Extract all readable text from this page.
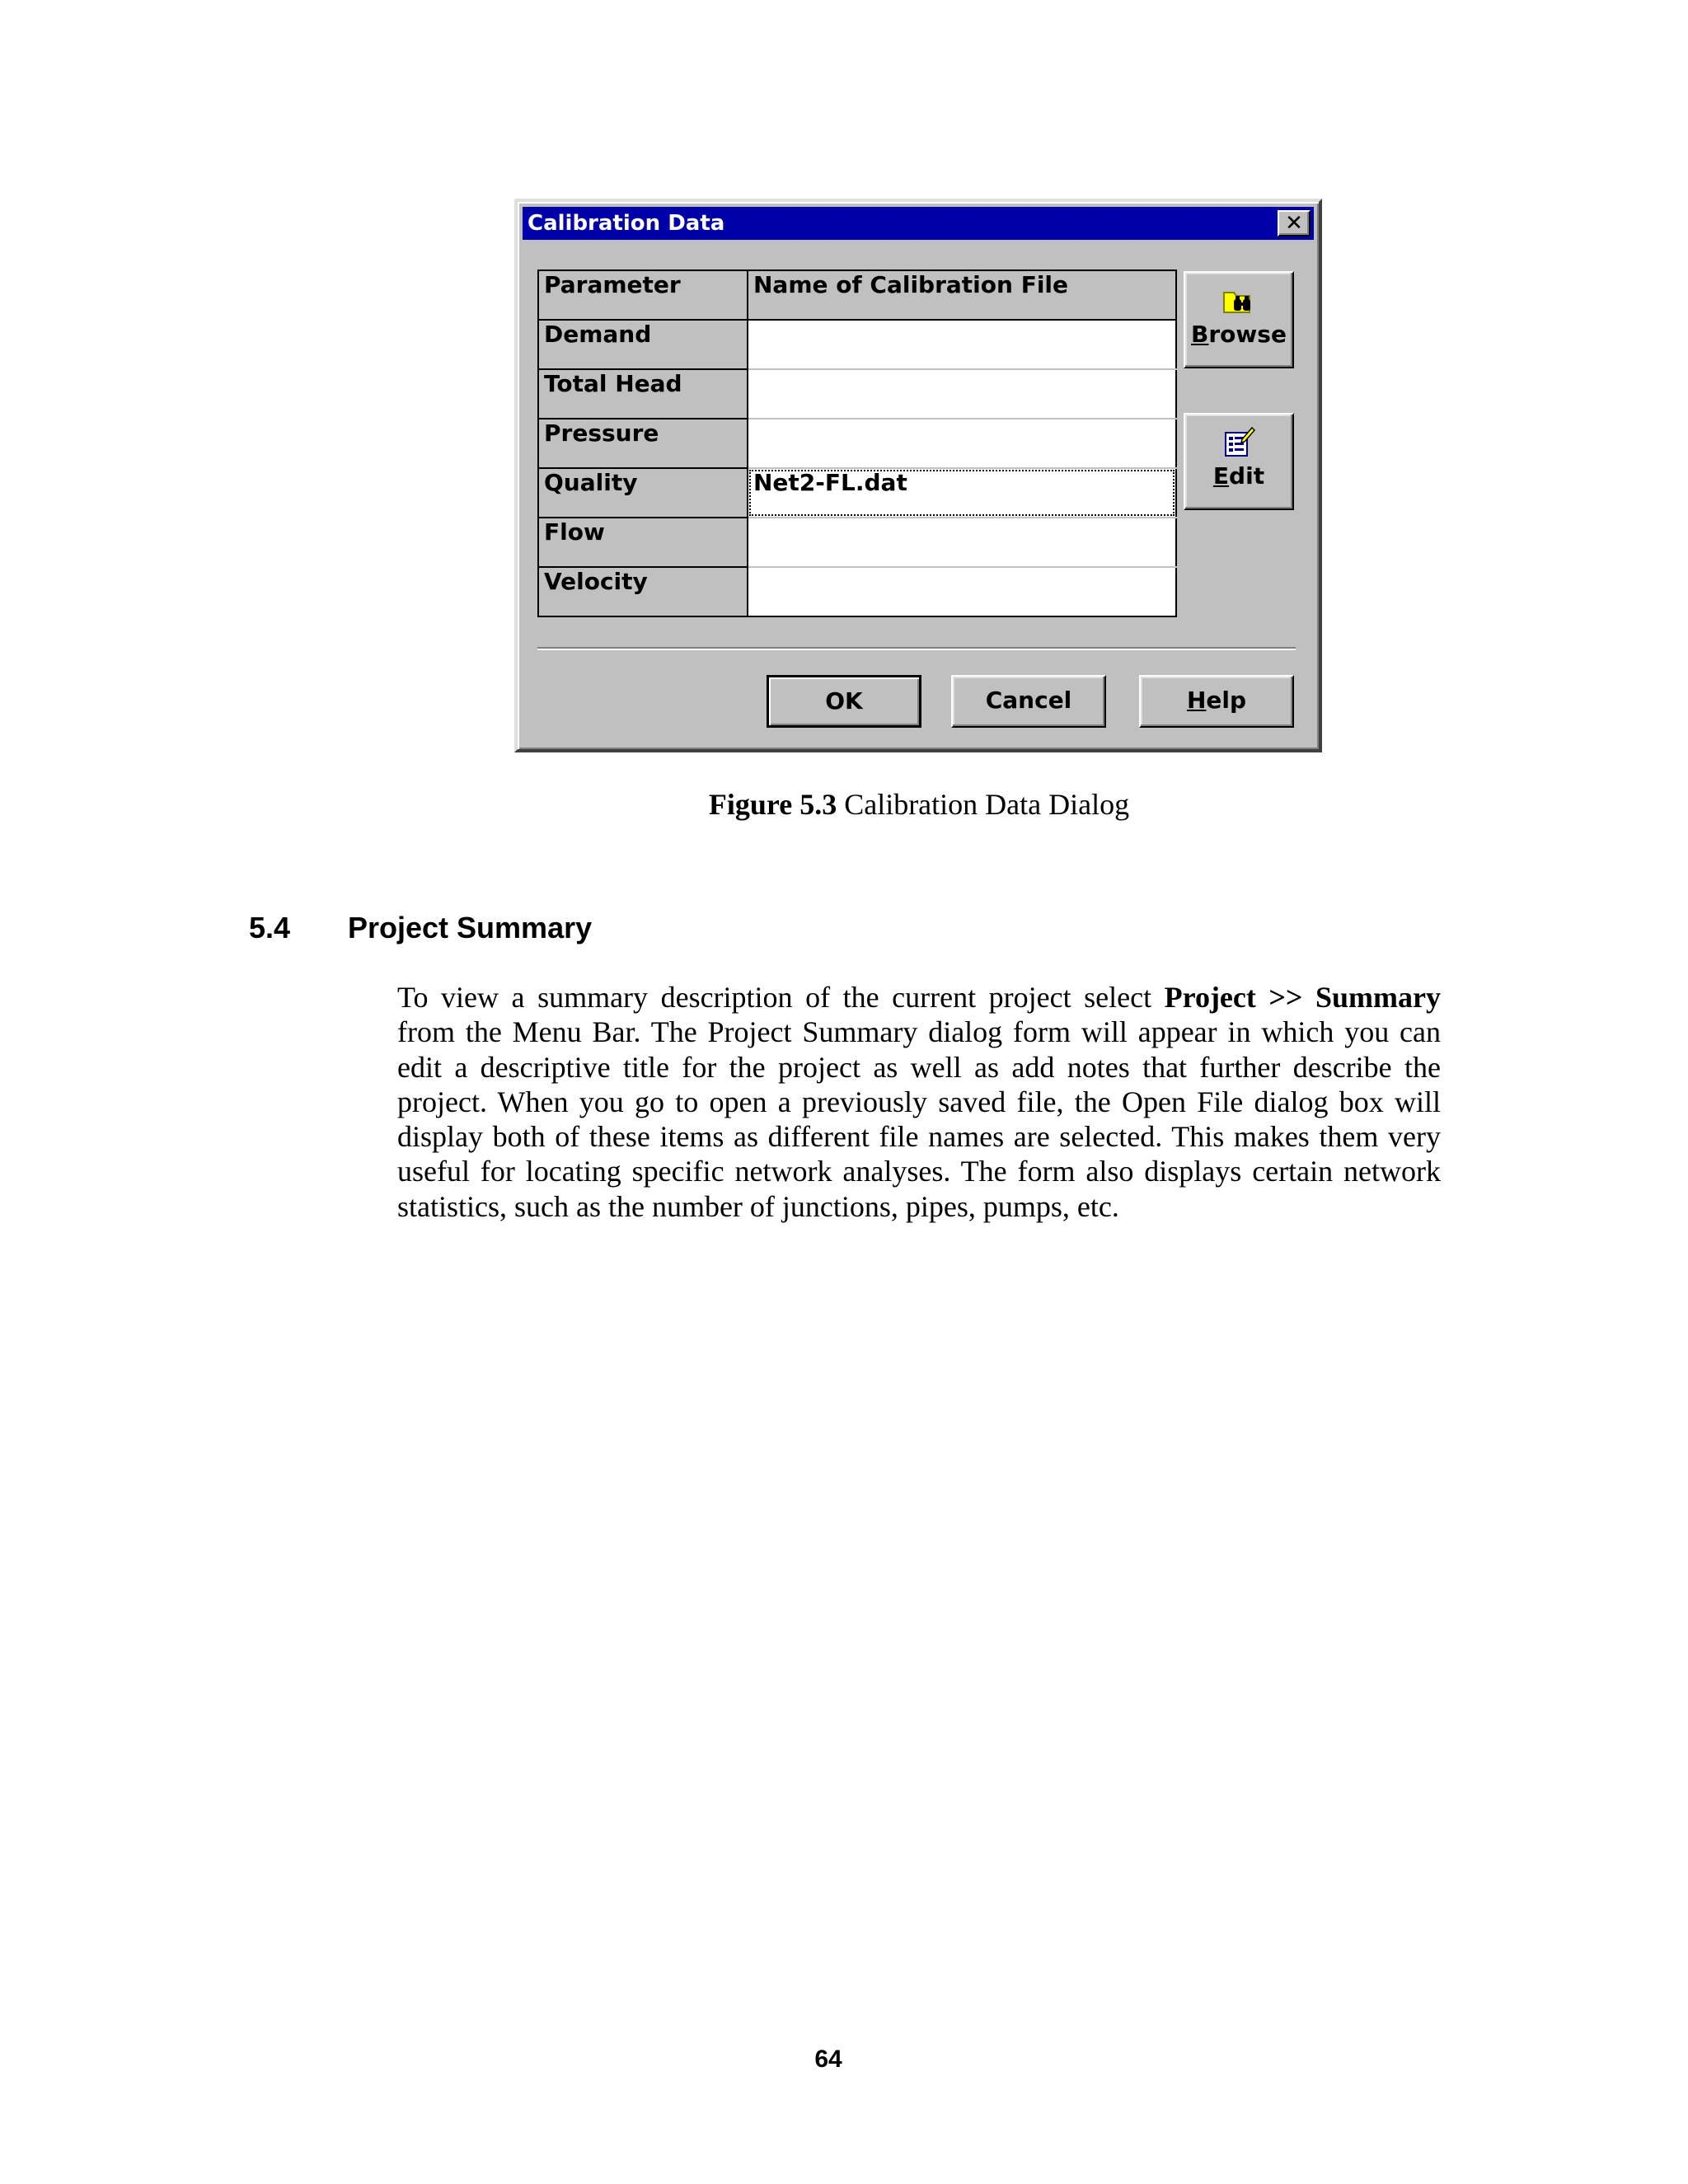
Calibration Data	✕
Parameter	Name of Calibration File
Demand	
Total Head	
Pressure	
Quality	Net2-FL.dat
Flow	
Velocity	
Browse
Edit
OK	Cancel	Help
Figure 5.3 Calibration Data Dialog
5.4 Project Summary
To view a summary description of the current project select Project >> Summary from the Menu Bar. The Project Summary dialog form will appear in which you can edit a descriptive title for the project as well as add notes that further describe the project. When you go to open a previously saved file, the Open File dialog box will display both of these items as different file names are selected. This makes them very useful for locating specific network analyses. The form also displays certain network statistics, such as the number of junctions, pipes, pumps, etc.
64
